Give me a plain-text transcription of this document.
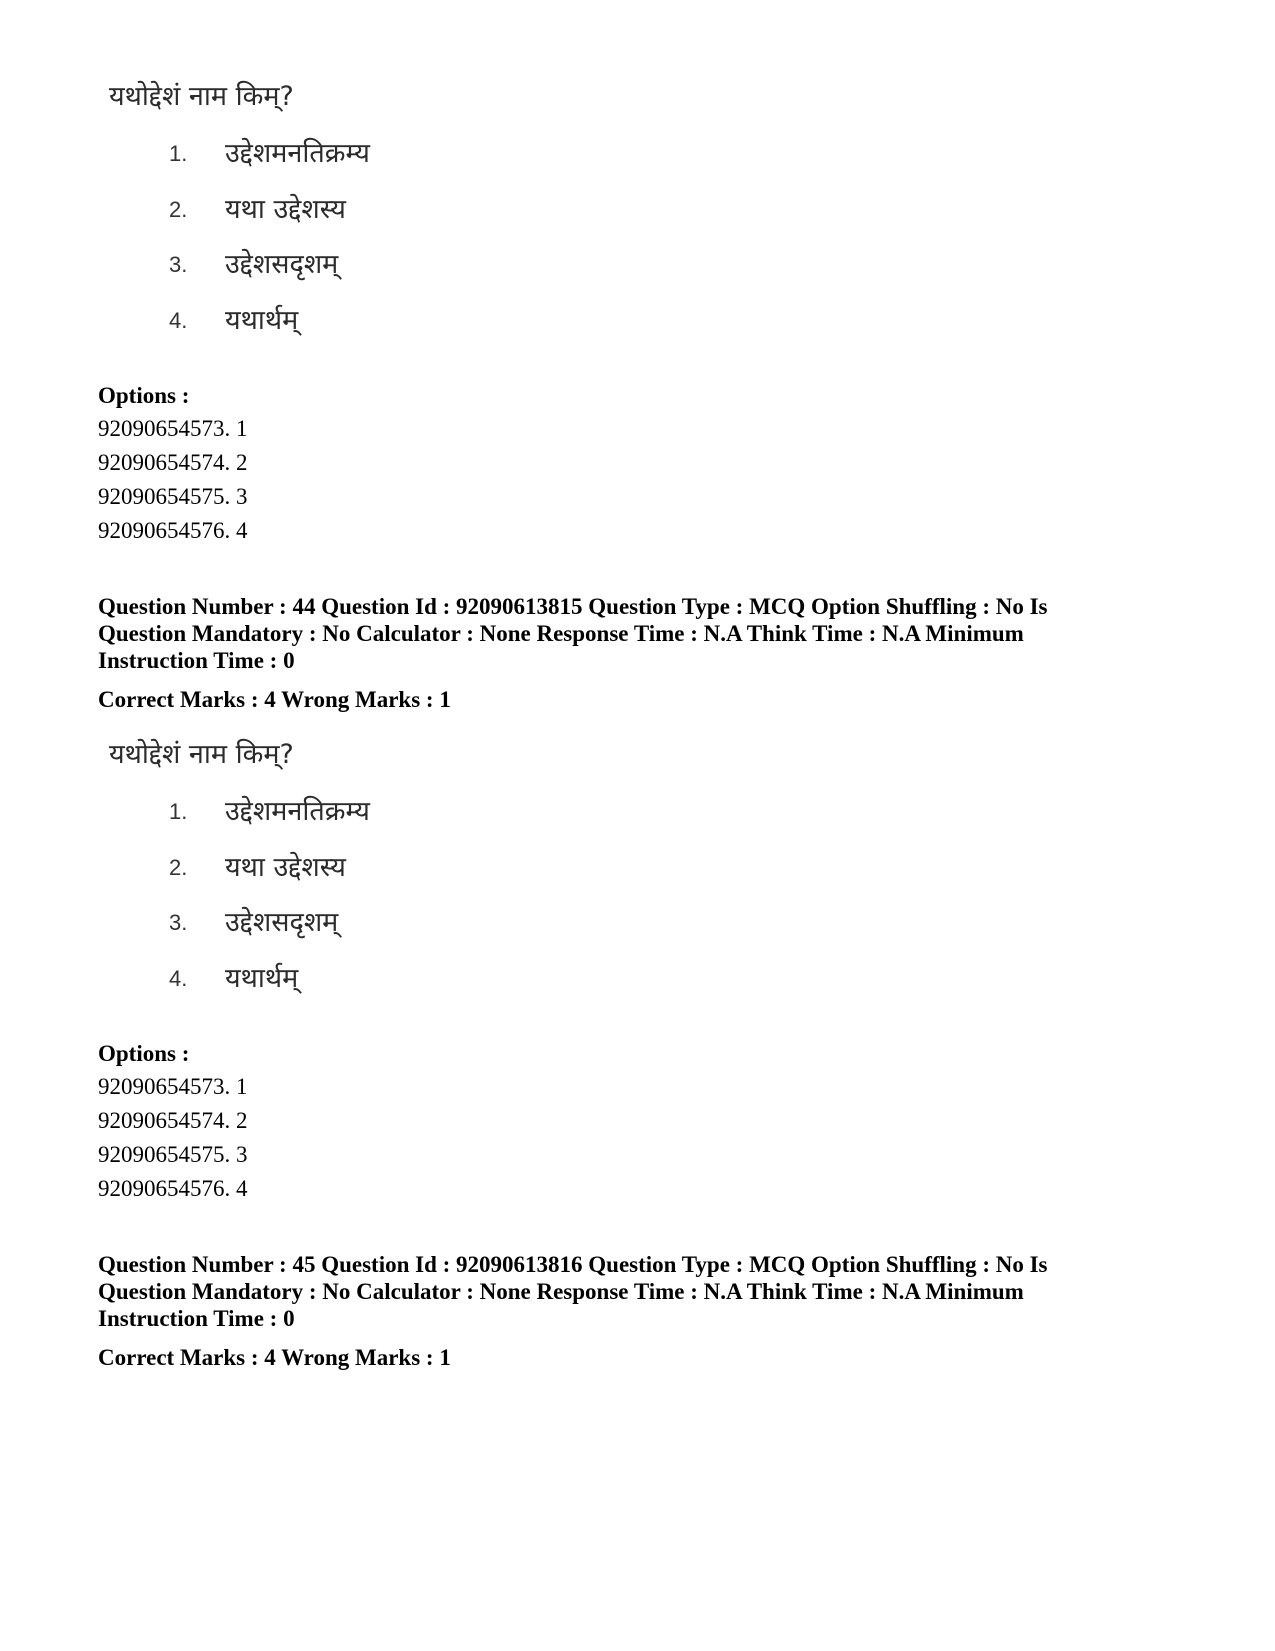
यथोद्देशं नाम किम्?
1. उद्देशमनतिक्रम्य
2. यथा उद्देशस्य
3. उद्देशसदृशम्
4. यथार्थम्
Options :
92090654573. 1
92090654574. 2
92090654575. 3
92090654576. 4
Question Number : 44 Question Id : 92090613815 Question Type : MCQ Option Shuffling : No Is
Question Mandatory : No Calculator : None Response Time : N.A Think Time : N.A Minimum
Instruction Time : 0
Correct Marks : 4 Wrong Marks : 1
यथोद्देशं नाम किम्?
1. उद्देशमनतिक्रम्य
2. यथा उद्देशस्य
3. उद्देशसदृशम्
4. यथार्थम्
Options :
92090654573. 1
92090654574. 2
92090654575. 3
92090654576. 4
Question Number : 45 Question Id : 92090613816 Question Type : MCQ Option Shuffling : No Is
Question Mandatory : No Calculator : None Response Time : N.A Think Time : N.A Minimum
Instruction Time : 0
Correct Marks : 4 Wrong Marks : 1
